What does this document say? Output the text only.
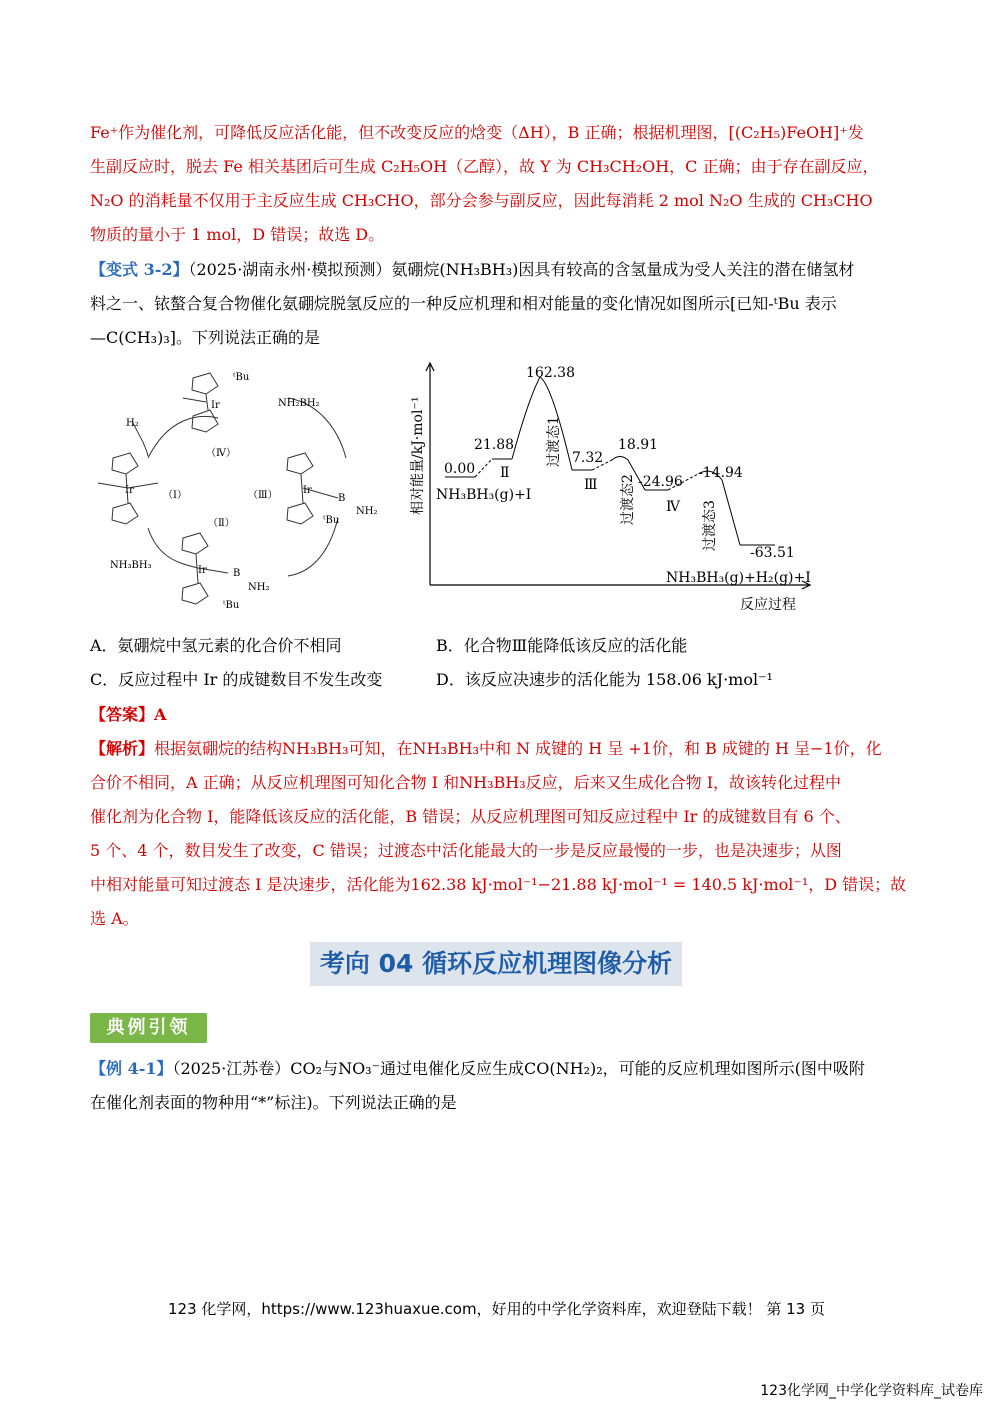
Fe⁺作为催化剂，可降低反应活化能，但不改变反应的焓变（ΔH），B 正确；根据机理图，[(C₂H₅)FeOH]⁺发
生副反应时，脱去 Fe 相关基团后可生成 C₂H₅OH（乙醇），故 Y 为 CH₃CH₂OH，C 正确；由于存在副反应，
N₂O 的消耗量不仅用于主反应生成 CH₃CHO，部分会参与副反应，因此每消耗 2 mol N₂O 生成的 CH₃CHO
物质的量小于 1 mol，D 错误；故选 D。
【变式 3-2】（2025·湖南永州·模拟预测）氨硼烷(NH₃BH₃)因具有较高的含氢量成为受人关注的潜在储氢材
料之一、铱螯合复合物催化氨硼烷脱氢反应的一种反应机理和相对能量的变化情况如图所示[已知-ᵗBu 表示
—C(CH₃)₃]。下列说法正确的是
（Ⅳ）
（Ⅰ）	（Ⅲ）
（Ⅱ）
NH₂BH₂
H₂
NH₃BH₃
ᵗBu
Ir
Ir	Ir
Ir
B
NH₂
B
NH₂
ᵗBu
ᵗBu
0.00
21.88
162.38
7.32
18.91
-24.96
-14.94
-63.51
Ⅱ
Ⅲ
Ⅳ
过渡态1
过渡态2
过渡态3
NH₃BH₃(g)+I
NH₃BH₃(g)+H₂(g)+I
反应过程
相对能量/kJ·mol⁻¹
A．氨硼烷中氢元素的化合价不相同	B．化合物Ⅲ能降低该反应的活化能
C．反应过程中 Ir 的成键数目不发生改变	D．该反应决速步的活化能为 158.06 kJ·mol⁻¹
【答案】A
【解析】根据氨硼烷的结构NH₃BH₃可知，在NH₃BH₃中和 N 成键的 H 呈 +1价，和 B 成键的 H 呈−1价，化
合价不相同，A 正确；从反应机理图可知化合物 I 和NH₃BH₃反应，后来又生成化合物 I，故该转化过程中
催化剂为化合物 I，能降低该反应的活化能，B 错误；从反应机理图可知反应过程中 Ir 的成键数目有 6 个、
5 个、4 个，数目发生了改变，C 错误；过渡态中活化能最大的一步是反应最慢的一步，也是决速步；从图
中相对能量可知过渡态 I 是决速步，活化能为162.38 kJ·mol⁻¹−21.88 kJ·mol⁻¹ = 140.5 kJ·mol⁻¹，D 错误；故
选 A。
考向 04 循环反应机理图像分析
典例引领
【例 4-1】（2025·江苏卷）CO₂与NO₃⁻通过电催化反应生成CO(NH₂)₂，可能的反应机理如图所示(图中吸附
在催化剂表面的物种用“*”标注)。下列说法正确的是
123 化学网，https://www.123huaxue.com，好用的中学化学资料库，欢迎登陆下载！ 第 13 页
123化学网_中学化学资料库_试卷库
